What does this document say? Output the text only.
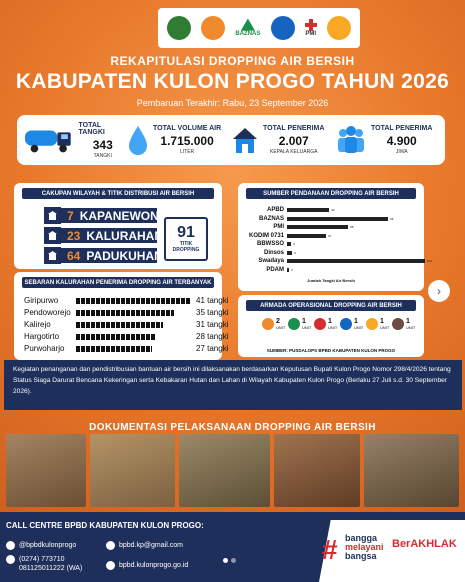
BAZNAS	PMI
REKAPITULASI DROPPING AIR BERSIH
KABUPATEN KULON PROGO TAHUN 2026
Pembaruan Terakhir: Rabu, 23 September 2026
TOTAL TANGKI
343
TANGKI
TOTAL VOLUME AIR
1.715.000
LITER
TOTAL PENERIMA
2.007
KEPALA KELUARGA
TOTAL PENERIMA
4.900
JIWA
CAKUPAN WILAYAH & TITIK DISTRIBUSI AIR BERSIH
7 KAPANEWON
23 KALURAHAN
64 PADUKUHAN
91
TITIK
DROPPING
SEBARAN KALURAHAN PENERIMA DROPPING AIR TERBANYAK
Giripurwo	41 tangki
Pendoworejo	35 tangki
Kalirejo	31 tangki
Hargotirto	28 tangki
Purwoharjo	27 tangki
SUMBER PENDANAAN DROPPING AIR BERSIH
Jumlah Tangki Air Bersih
APBD	40
BAZNAS	96
PMI	58
KODIM 0731	37
BBWSSO	4
Dinsos	5
Swadaya	131
PDAM	2
›
ARMADA OPERASIONAL DROPPING AIR BERSIH
SUMBER: PUSDALOPS BPBD KABUPATEN KULON PROGO
2
UNIT
1
UNIT
1
UNIT
1
UNIT
1
UNIT
1
UNIT
Kegiatan penanganan dan pendistribusian bantuan air bersih ini dilaksanakan berdasarkan Keputusan Bupati Kulon Progo Nomor 298/4/2026 tentang Status Siaga Darurat Bencana Kekeringan serta Kebakaran Hutan dan Lahan di Wilayah Kabupaten Kulon Progo (Berlaku 27 Juli s.d. 30 September 2026).
DOKUMENTASI PELAKSANAAN DROPPING AIR BERSIH
CALL CENTRE BPBD KABUPATEN KULON PROGO:
@bpbdkulonprogo
(0274) 773710
081125011222 (WA)
bpbd.kp@gmail.com
bpbd.kulonprogo.go.id
# bangga
melayani
bangsa
BerAKHLAK
